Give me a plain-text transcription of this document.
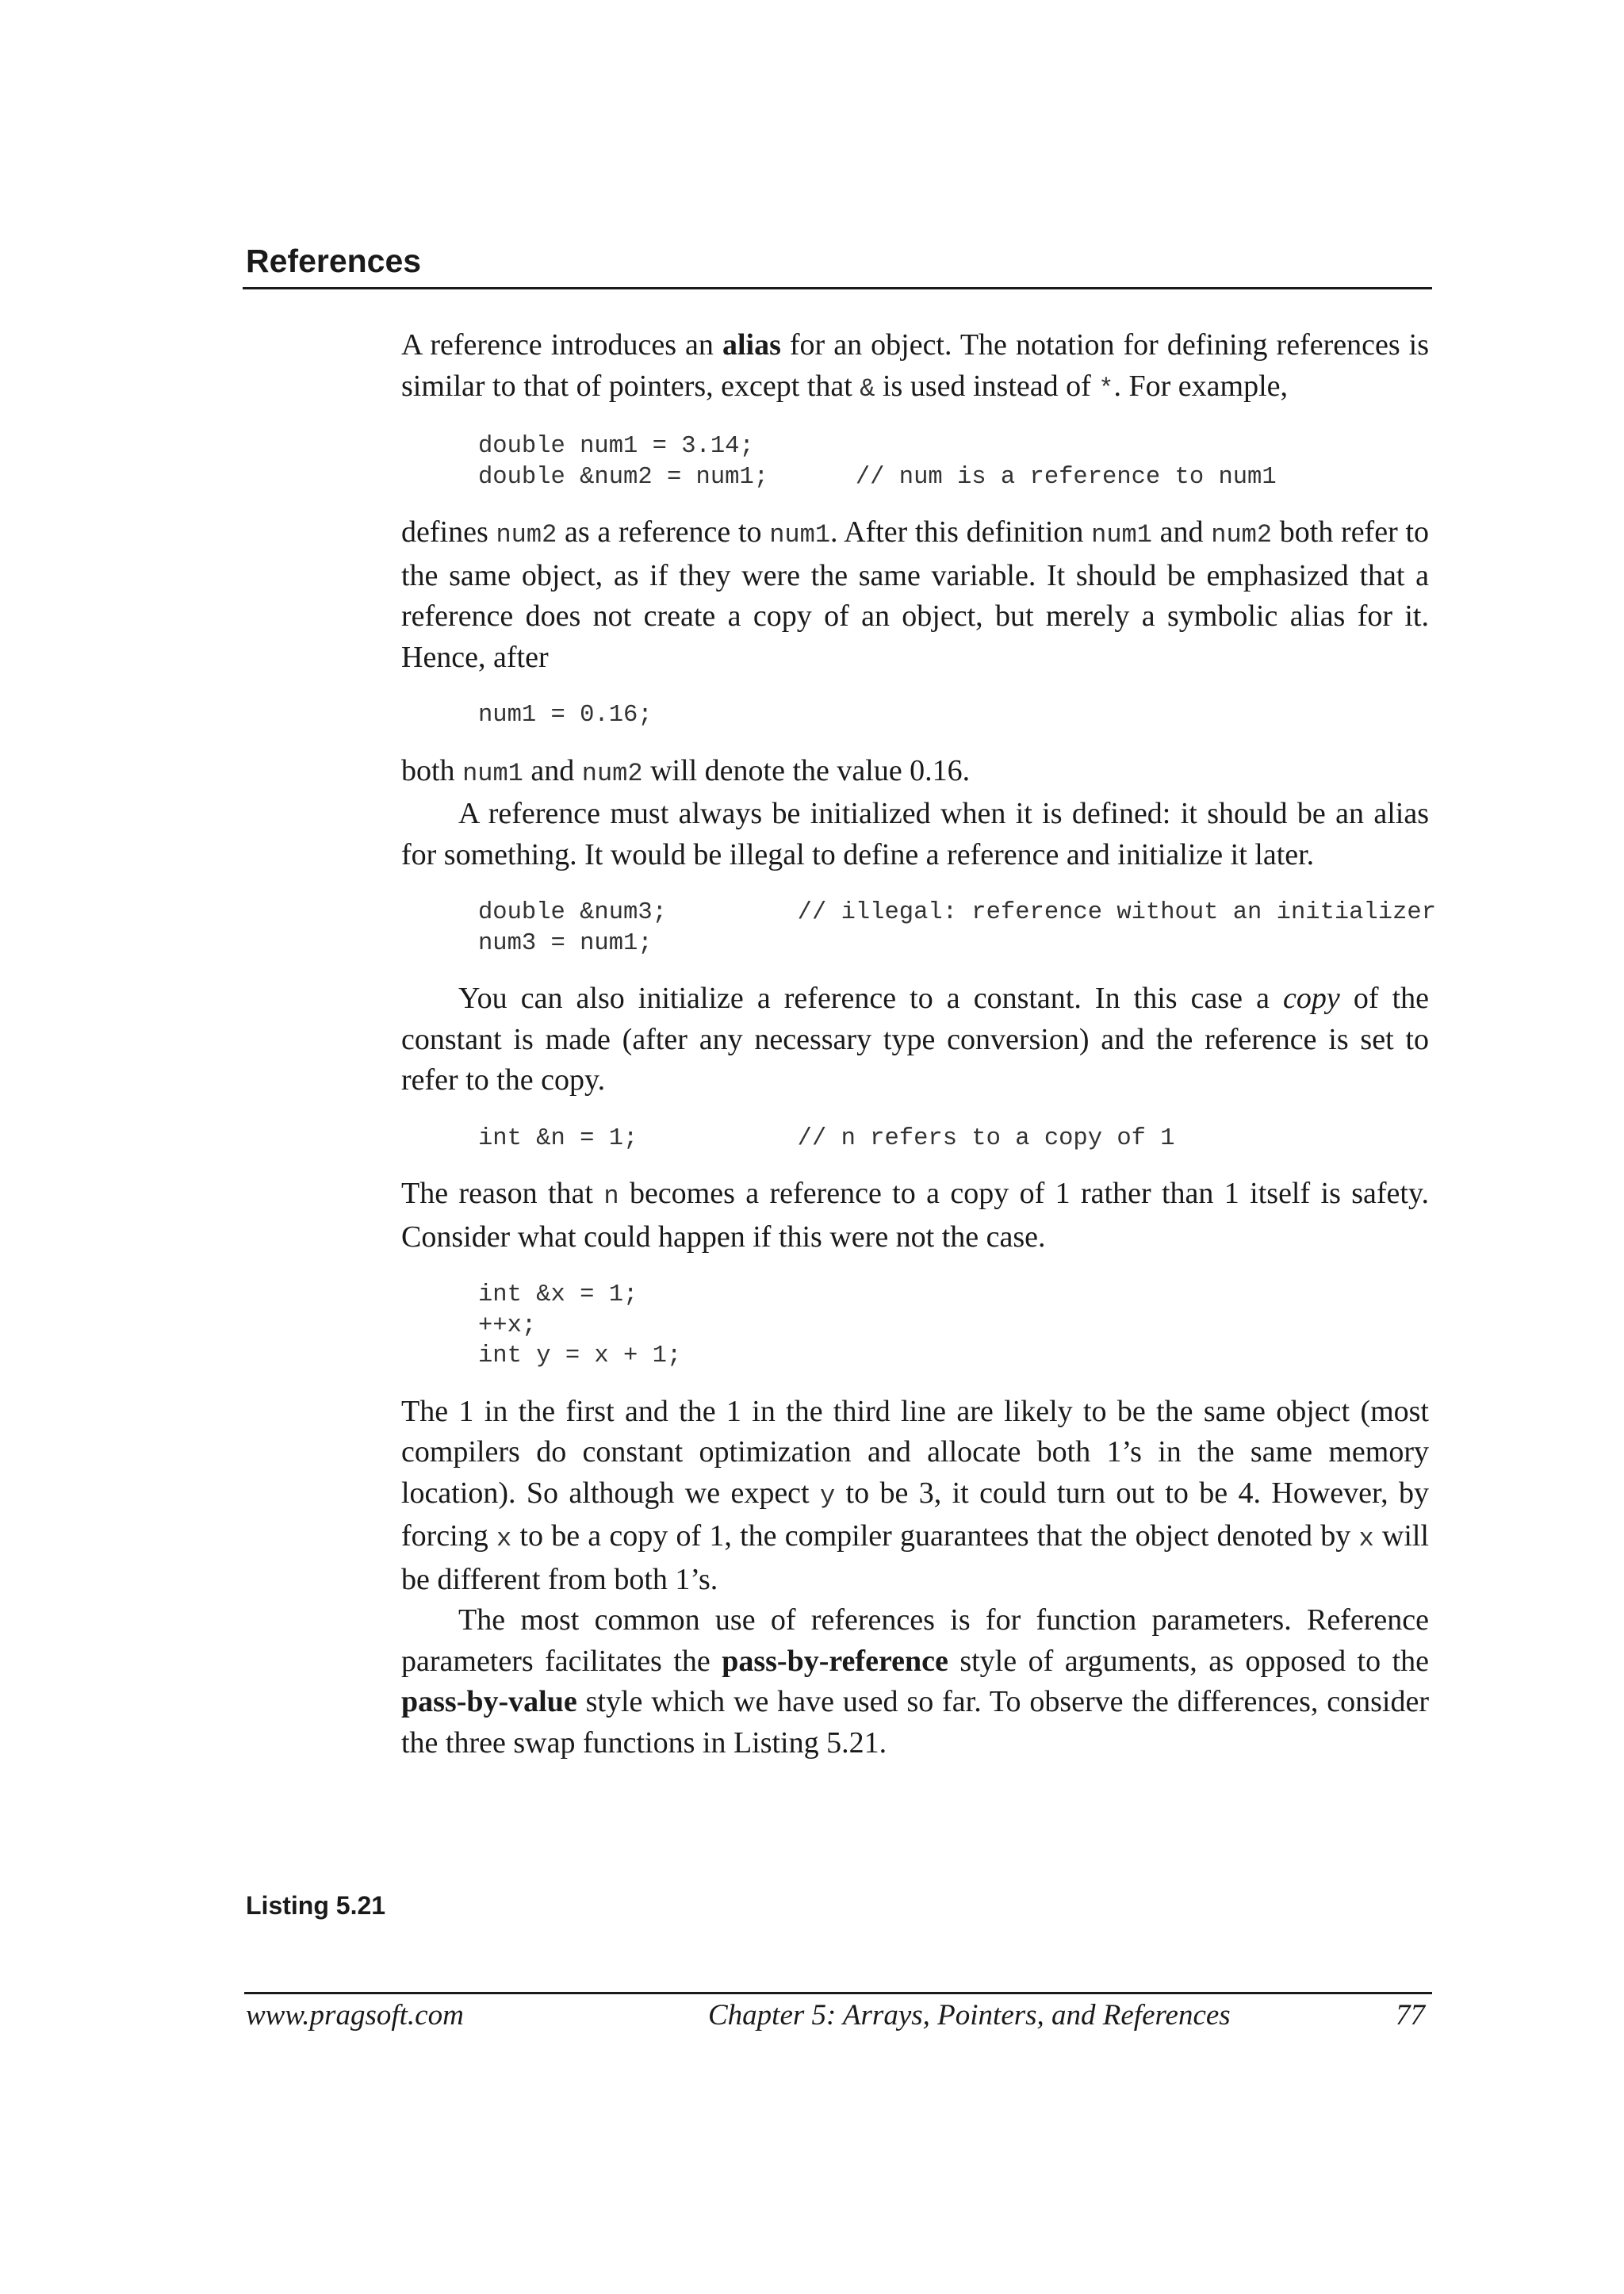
References

A reference introduces an alias for an object. The notation for defining references is similar to that of pointers, except that & is used instead of *. For example,

double num1 = 3.14;
double &num2 = num1;      // num is a reference to num1

defines num2 as a reference to num1. After this definition num1 and num2 both refer to the same object, as if they were the same variable. It should be emphasized that a reference does not create a copy of an object, but merely a symbolic alias for it. Hence, after

num1 = 0.16;

both num1 and num2 will denote the value 0.16.

A reference must always be initialized when it is defined: it should be an alias for something. It would be illegal to define a reference and initialize it later.

double &num3;         // illegal: reference without an initializer
num3 = num1;

You can also initialize a reference to a constant. In this case a copy of the constant is made (after any necessary type conversion) and the reference is set to refer to the copy.

int &n = 1;           // n refers to a copy of 1

The reason that n becomes a reference to a copy of 1 rather than 1 itself is safety. Consider what could happen if this were not the case.

int &x = 1;
++x;
int y = x + 1;

The 1 in the first and the 1 in the third line are likely to be the same object (most compilers do constant optimization and allocate both 1’s in the same memory location). So although we expect y to be 3, it could turn out to be 4. However, by forcing x to be a copy of 1, the compiler guarantees that the object denoted by x will be different from both 1’s.

The most common use of references is for function parameters. Reference parameters facilitates the pass-by-reference style of arguments, as opposed to the pass-by-value style which we have used so far. To observe the differences, consider the three swap functions in Listing 5.21.

Listing 5.21
www.pragsoft.com	Chapter 5: Arrays, Pointers, and References	77
